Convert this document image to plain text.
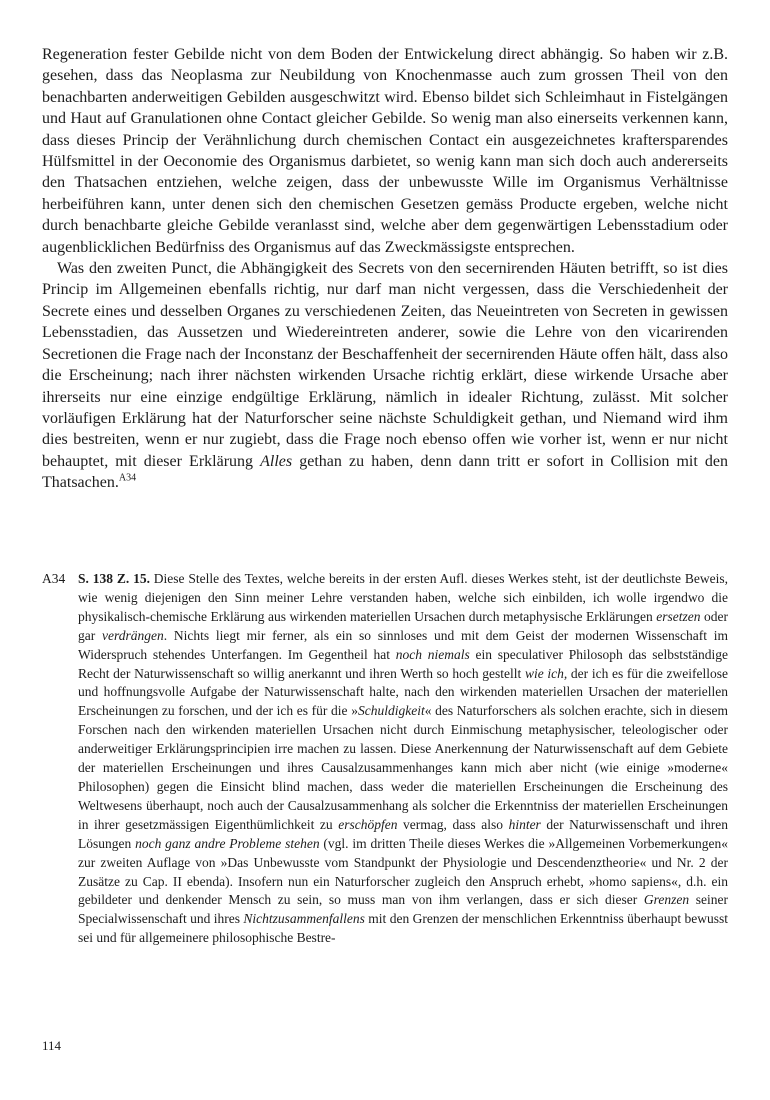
Regeneration fester Gebilde nicht von dem Boden der Entwickelung direct abhängig. So haben wir z.B. gesehen, dass das Neoplasma zur Neubildung von Knochenmasse auch zum grossen Theil von den benachbarten anderweitigen Gebilden ausgeschwitzt wird. Ebenso bildet sich Schleimhaut in Fistelgängen und Haut auf Granulationen ohne Contact gleicher Gebilde. So wenig man also einerseits verkennen kann, dass dieses Princip der Verähnlichung durch chemischen Contact ein ausgezeichnetes kraftersparendes Hülfsmittel in der Oeconomie des Organismus darbietet, so wenig kann man sich doch auch andererseits den Thatsachen entziehen, welche zeigen, dass der unbewusste Wille im Organismus Verhältnisse herbeiführen kann, unter denen sich den chemischen Gesetzen gemäss Producte ergeben, welche nicht durch benachbarte gleiche Gebilde veranlasst sind, welche aber dem gegenwärtigen Lebensstadium oder augenblicklichen Bedürfniss des Organismus auf das Zweckmässigste entsprechen.

Was den zweiten Punct, die Abhängigkeit des Secrets von den secernirenden Häuten betrifft, so ist dies Princip im Allgemeinen ebenfalls richtig, nur darf man nicht vergessen, dass die Verschiedenheit der Secrete eines und desselben Organes zu verschiedenen Zeiten, das Neueintreten von Secreten in gewissen Lebensstadien, das Aussetzen und Wiedereintreten anderer, sowie die Lehre von den vicarirenden Secretionen die Frage nach der Inconstanz der Beschaffenheit der secernirenden Häute offen hält, dass also die Erscheinung; nach ihrer nächsten wirkenden Ursache richtig erklärt, diese wirkende Ursache aber ihrerseits nur eine einzige endgültige Erklärung, nämlich in idealer Richtung, zulässt. Mit solcher vorläufigen Erklärung hat der Naturforscher seine nächste Schuldigkeit gethan, und Niemand wird ihm dies bestreiten, wenn er nur zugiebt, dass die Frage noch ebenso offen wie vorher ist, wenn er nur nicht behauptet, mit dieser Erklärung Alles gethan zu haben, denn dann tritt er sofort in Collision mit den Thatsachen.$^{A34}$

A34 S. 138 Z. 15. Diese Stelle des Textes, welche bereits in der ersten Aufl. dieses Werkes steht, ist der deutlichste Beweis, wie wenig diejenigen den Sinn meiner Lehre verstanden haben, welche sich einbilden, ich wolle irgendwo die physikalisch-chemische Erklärung aus wirkenden materiellen Ursachen durch metaphysische Erklärungen ersetzen oder gar verdrängen. Nichts liegt mir ferner, als ein so sinnloses und mit dem Geist der modernen Wissenschaft im Widerspruch stehendes Unterfangen. Im Gegentheil hat noch niemals ein speculativer Philosoph das selbstständige Recht der Naturwissenschaft so willig anerkannt und ihren Werth so hoch gestellt wie ich, der ich es für die zweifellose und hoffnungsvolle Aufgabe der Naturwissenschaft halte, nach den wirkenden materiellen Ursachen der materiellen Erscheinungen zu forschen, und der ich es für die »Schuldigkeit« des Naturforschers als solchen erachte, sich in diesem Forschen nach den wirkenden materiellen Ursachen nicht durch Einmischung metaphysischer, teleologischer oder anderweitiger Erklärungsprincipien irre machen zu lassen. Diese Anerkennung der Naturwissenschaft auf dem Gebiete der materiellen Erscheinungen und ihres Causalzusammenhanges kann mich aber nicht (wie einige »moderne« Philosophen) gegen die Einsicht blind machen, dass weder die materiellen Erscheinungen die Erscheinung des Weltwesens überhaupt, noch auch der Causalzusammenhang als solcher die Erkenntniss der materiellen Erscheinungen in ihrer gesetzmässigen Eigenthümlichkeit zu erschöpfen vermag, dass also hinter der Naturwissenschaft und ihren Lösungen noch ganz andre Probleme stehen (vgl. im dritten Theile dieses Werkes die »Allgemeinen Vorbemerkungen« zur zweiten Auflage von »Das Unbewusste vom Standpunkt der Physiologie und Descendenztheorie« und Nr. 2 der Zusätze zu Cap. II ebenda). Insofern nun ein Naturforscher zugleich den Anspruch erhebt, »homo sapiens«, d.h. ein gebildeter und denkender Mensch zu sein, so muss man von ihm verlangen, dass er sich dieser Grenzen seiner Specialwissenschaft und ihres Nichtzusammenfallens mit den Grenzen der menschlichen Erkenntniss überhaupt bewusst sei und für allgemeinere philosophische Bestre-

114
